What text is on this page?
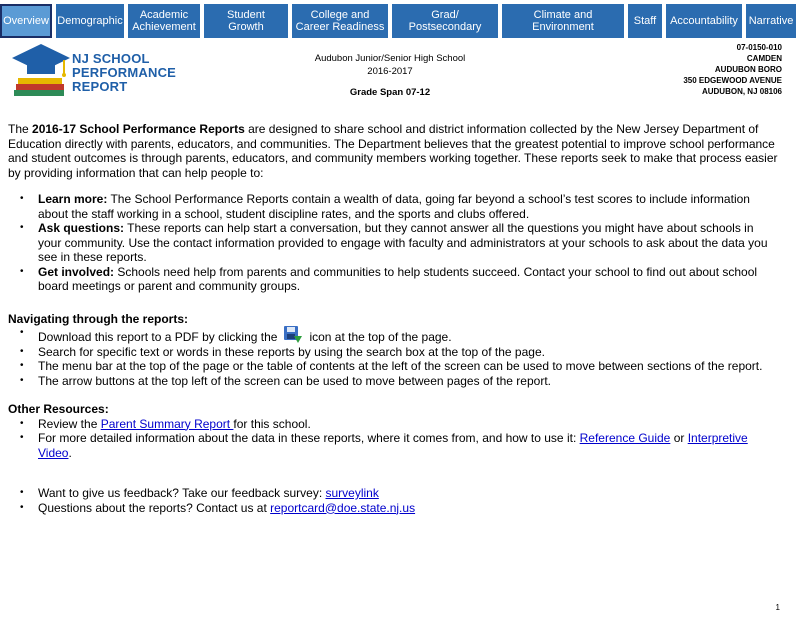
Overview Demographic	Academic
Achievement
Student
Growth
College and
Career Readiness
Grad/
Postsecondary
Climate and
Environment	Staff	Accountability Narrative
NJ SCHOOL
PERFORMANCE
REPORT
Audubon Junior/Senior High School
2016-2017
Grade Span 07-12
07-0150-010
CAMDEN
AUDUBON BORO
350 EDGEWOOD AVENUE
AUDUBON, NJ 08106

The 2016-17 School Performance Reports are designed to share school and district information collected by the New Jersey Department of Education directly with parents, educators, and communities. The Department believes that the greatest potential to improve school performance and student outcomes is through parents, educators, and community members working together. These reports seek to make that process easier by providing information that can help people to:

• Learn more: The School Performance Reports contain a wealth of data, going far beyond a school’s test scores to include information about the staff working in a school, student discipline rates, and the sports and clubs offered.
• Ask questions: These reports can help start a conversation, but they cannot answer all the questions you might have about schools in your community. Use the contact information provided to engage with faculty and administrators at your schools to ask about the data you see in these reports.
• Get involved: Schools need help from parents and communities to help students succeed. Contact your school to find out about school board meetings or parent and community groups.
Navigating through the reports:
• Download this report to a PDF by clicking the	icon at the top of the page.
• Search for specific text or words in these reports by using the search box at the top of the page.
• The menu bar at the top of the page or the table of contents at the left of the screen can be used to move between sections of the report.
• The arrow buttons at the top left of the screen can be used to move between pages of the report.
Other Resources:
• Review the Parent Summary Report for this school.
• For more detailed information about the data in these reports, where it comes from, and how to use it: Reference Guide or Interpretive Video.
• Want to give us feedback? Take our feedback survey: surveylink
• Questions about the reports? Contact us at reportcard@doe.state.nj.us
1
